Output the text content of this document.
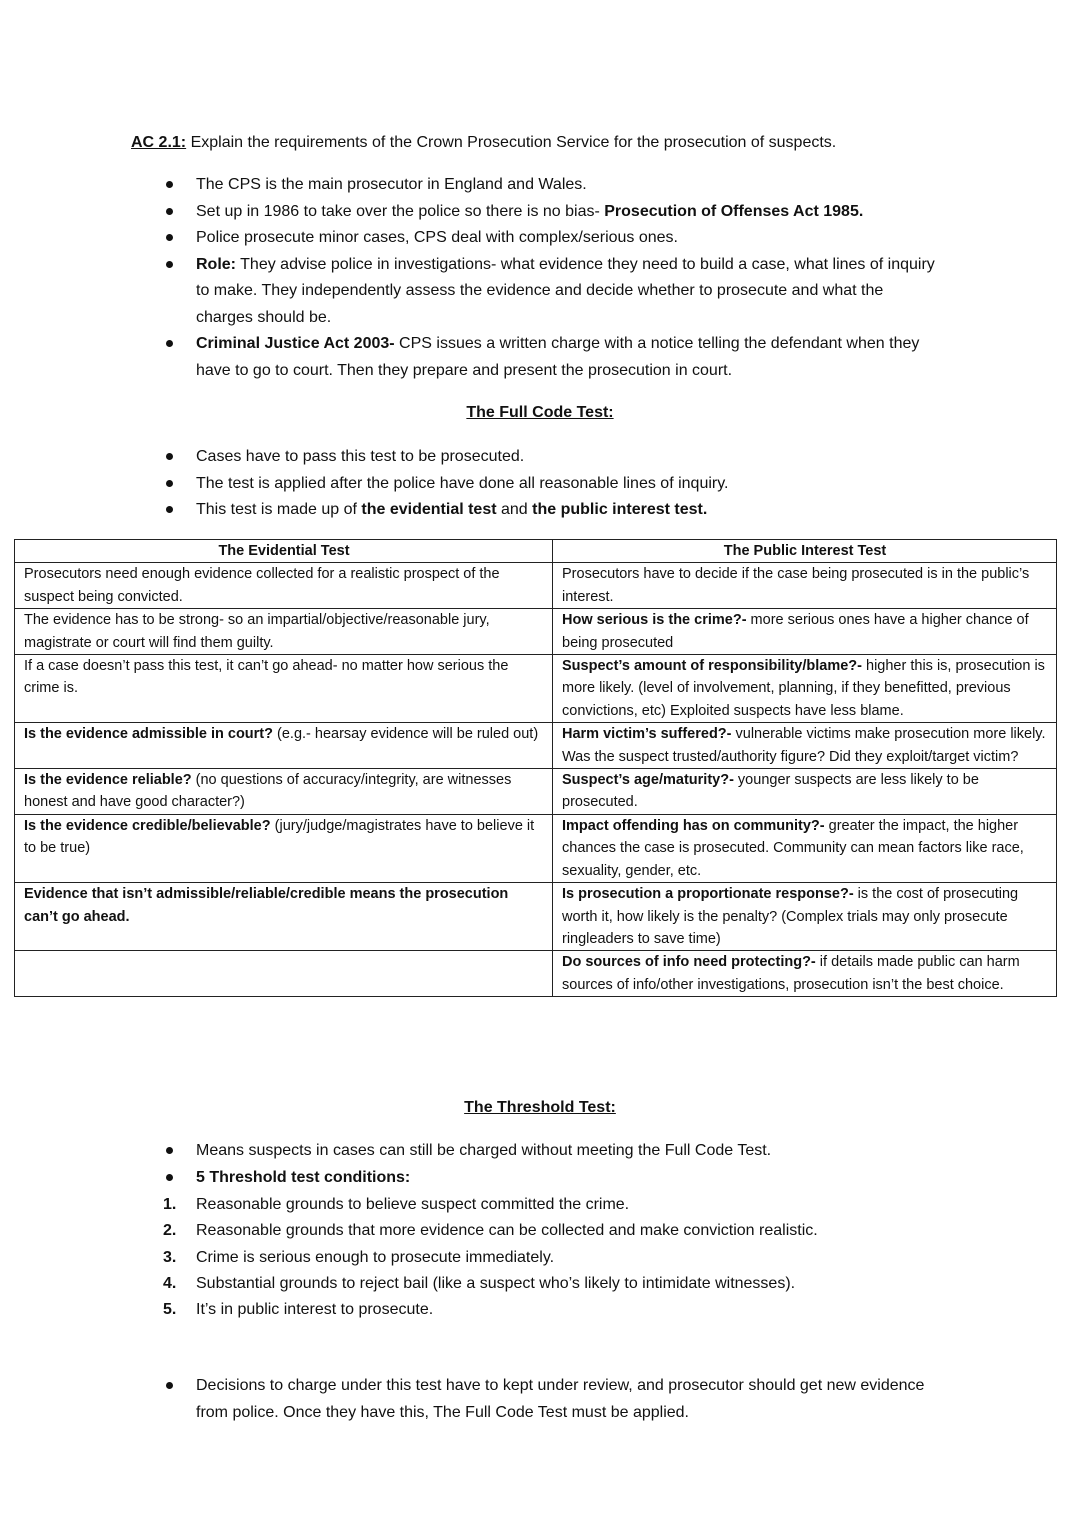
AC 2.1: Explain the requirements of the Crown Prosecution Service for the prosecution of suspects.
The CPS is the main prosecutor in England and Wales.
Set up in 1986 to take over the police so there is no bias- Prosecution of Offenses Act 1985.
Police prosecute minor cases, CPS deal with complex/serious ones.
Role: They advise police in investigations- what evidence they need to build a case, what lines of inquiry to make. They independently assess the evidence and decide whether to prosecute and what the charges should be.
Criminal Justice Act 2003- CPS issues a written charge with a notice telling the defendant when they have to go to court. Then they prepare and present the prosecution in court.
The Full Code Test:
Cases have to pass this test to be prosecuted.
The test is applied after the police have done all reasonable lines of inquiry.
This test is made up of the evidential test and the public interest test.
The Evidential Test	The Public Interest Test
Prosecutors need enough evidence collected for a realistic prospect of the suspect being convicted.	Prosecutors have to decide if the case being prosecuted is in the public’s interest.
The evidence has to be strong- so an impartial/objective/reasonable jury, magistrate or court will find them guilty.	How serious is the crime?- more serious ones have a higher chance of being prosecuted
If a case doesn’t pass this test, it can’t go ahead- no matter how serious the crime is.	Suspect’s amount of responsibility/blame?- higher this is, prosecution is more likely. (level of involvement, planning, if they benefitted, previous convictions, etc) Exploited suspects have less blame.
Is the evidence admissible in court? (e.g.- hearsay evidence will be ruled out)	Harm victim’s suffered?- vulnerable victims make prosecution more likely. Was the suspect trusted/authority figure? Did they exploit/target victim?
Is the evidence reliable? (no questions of accuracy/integrity, are witnesses honest and have good character?)	Suspect’s age/maturity?- younger suspects are less likely to be prosecuted.
Is the evidence credible/believable? (jury/judge/magistrates have to believe it to be true)	Impact offending has on community?- greater the impact, the higher chances the case is prosecuted. Community can mean factors like race, sexuality, gender, etc.
Evidence that isn’t admissible/reliable/credible means the prosecution can’t go ahead.	Is prosecution a proportionate response?- is the cost of prosecuting worth it, how likely is the penalty? (Complex trials may only prosecute ringleaders to save time)
	Do sources of info need protecting?- if details made public can harm sources of info/other investigations, prosecution isn’t the best choice.
The Threshold Test:
Means suspects in cases can still be charged without meeting the Full Code Test.
5 Threshold test conditions:
1. Reasonable grounds to believe suspect committed the crime.
2. Reasonable grounds that more evidence can be collected and make conviction realistic.
3. Crime is serious enough to prosecute immediately.
4. Substantial grounds to reject bail (like a suspect who’s likely to intimidate witnesses).
5. It’s in public interest to prosecute.
Decisions to charge under this test have to kept under review, and prosecutor should get new evidence from police. Once they have this, The Full Code Test must be applied.
